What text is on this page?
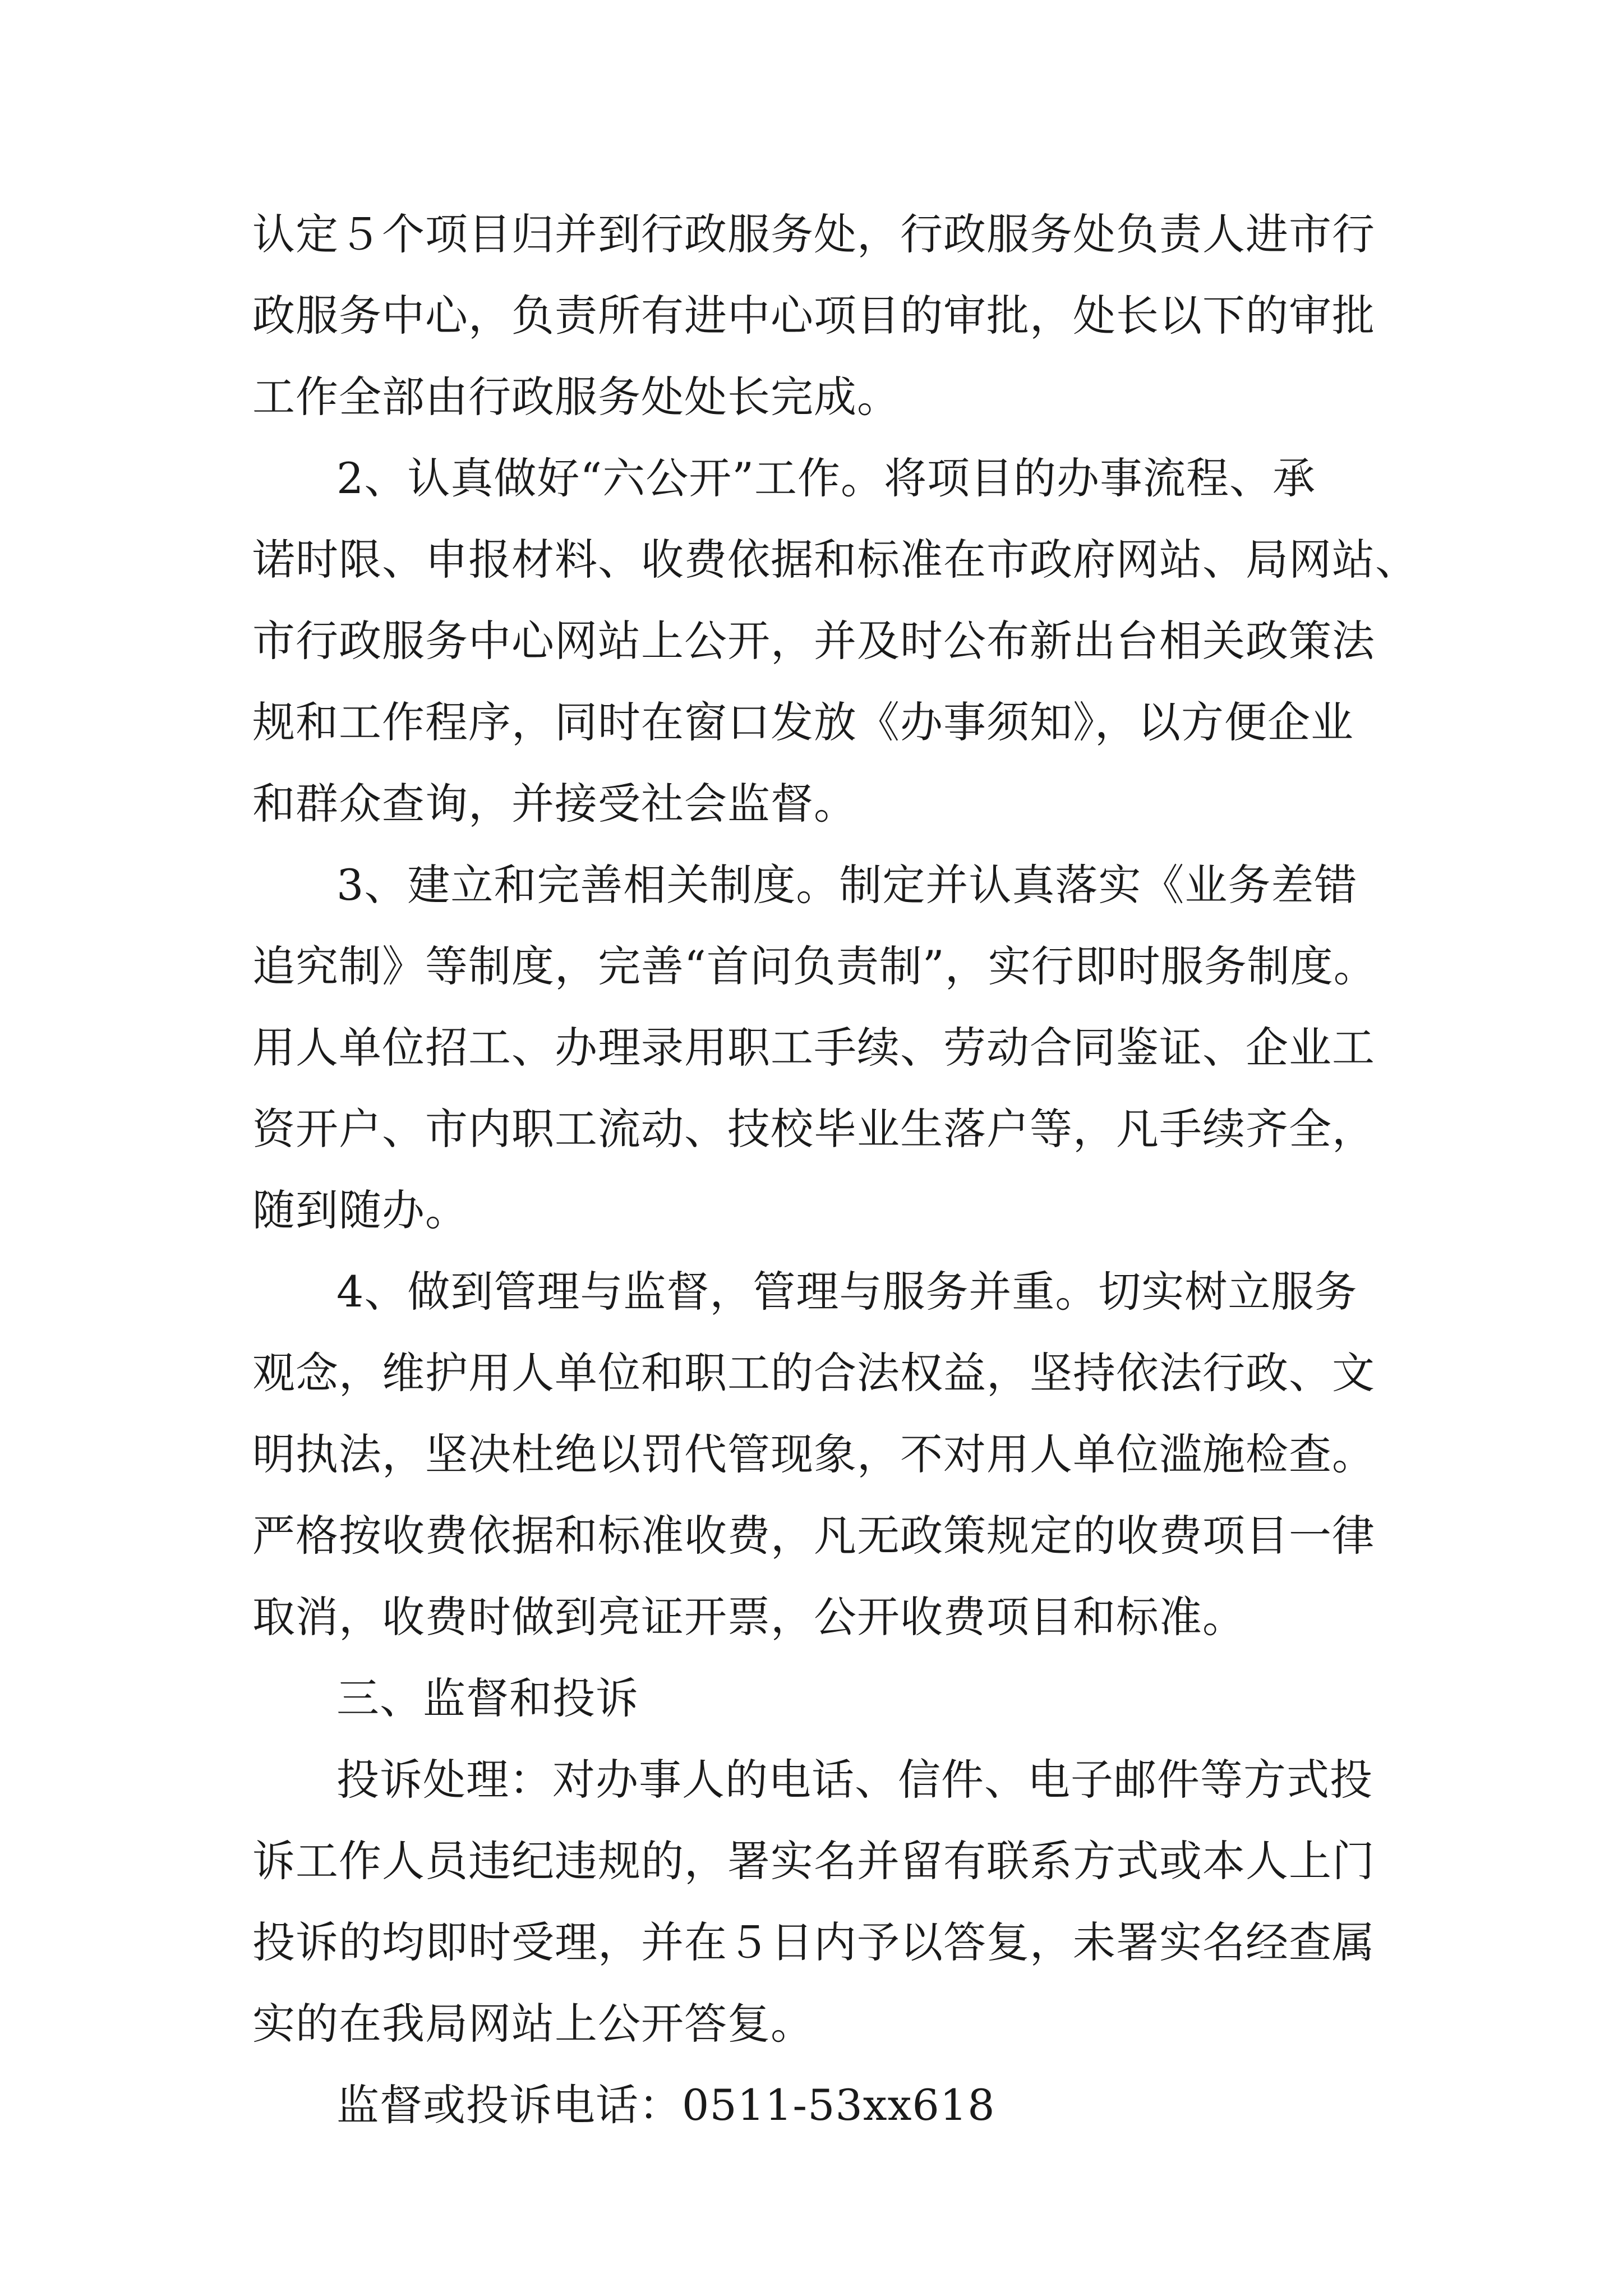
认定５个项目归并到行政服务处，行政服务处负责人进市行
政服务中心，负责所有进中心项目的审批，处长以下的审批
工作全部由行政服务处处长完成。
2、认真做好“六公开”工作。将项目的办事流程、承
诺时限、申报材料、收费依据和标准在市政府网站、局网站、
市行政服务中心网站上公开，并及时公布新出台相关政策法
规和工作程序，同时在窗口发放《办事须知》，以方便企业
和群众查询，并接受社会监督。
3、建立和完善相关制度。制定并认真落实《业务差错
追究制》等制度，完善“首问负责制”，实行即时服务制度。
用人单位招工、办理录用职工手续、劳动合同鉴证、企业工
资开户、市内职工流动、技校毕业生落户等，凡手续齐全，
随到随办。
4、做到管理与监督，管理与服务并重。切实树立服务
观念，维护用人单位和职工的合法权益，坚持依法行政、文
明执法，坚决杜绝以罚代管现象，不对用人单位滥施检查。
严格按收费依据和标准收费，凡无政策规定的收费项目一律
取消，收费时做到亮证开票，公开收费项目和标准。
三、监督和投诉
投诉处理：对办事人的电话、信件、电子邮件等方式投
诉工作人员违纪违规的，署实名并留有联系方式或本人上门
投诉的均即时受理，并在５日内予以答复，未署实名经查属
实的在我局网站上公开答复。
监督或投诉电话：0511-53xx618
